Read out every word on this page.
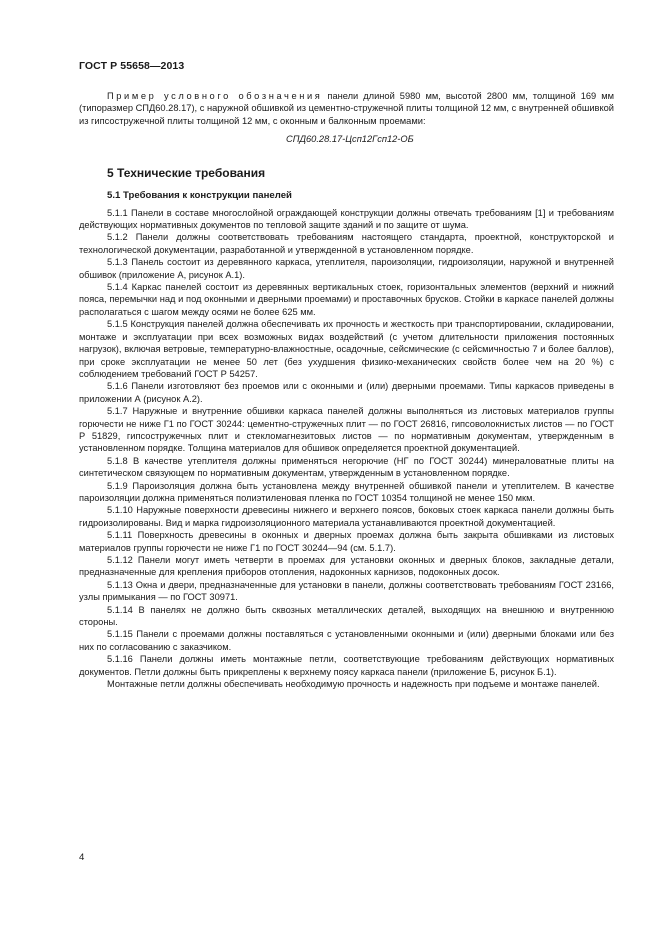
ГОСТ Р 55658—2013

Пример условного обозначения панели длиной 5980 мм, высотой 2800 мм, толщиной 169 мм (типоразмер СПД60.28.17), с наружной обшивкой из цементно-стружечной плиты толщиной 12 мм, с внутренней обшивкой из гипсостружечной плиты толщиной 12 мм, с оконным и балконным проемами:

СПД60.28.17-Цсп12Гсп12-ОБ
5 Технические требования
5.1 Требования к конструкции панелей

5.1.1 Панели в составе многослойной ограждающей конструкции должны отвечать требованиям [1] и требованиям действующих нормативных документов по тепловой защите зданий и по защите от шума.

5.1.2 Панели должны соответствовать требованиям настоящего стандарта, проектной, конструкторской и технологической документации, разработанной и утвержденной в установленном порядке.

5.1.3 Панель состоит из деревянного каркаса, утеплителя, пароизоляции, гидроизоляции, наружной и внутренней обшивок (приложение А, рисунок А.1).

5.1.4 Каркас панелей состоит из деревянных вертикальных стоек, горизонтальных элементов (верхний и нижний пояса, перемычки над и под оконными и дверными проемами) и проставочных брусков. Стойки в каркасе панелей должны располагаться с шагом между осями не более 625 мм.

5.1.5 Конструкция панелей должна обеспечивать их прочность и жесткость при транспортировании, складировании, монтаже и эксплуатации при всех возможных видах воздействий (с учетом длительности приложения постоянных нагрузок), включая ветровые, температурно-влажностные, осадочные, сейсмические (с сейсмичностью 7 и более баллов), при сроке эксплуатации не менее 50 лет (без ухудшения физико-механических свойств более чем на 20 %) с соблюдением требований ГОСТ Р 54257.

5.1.6 Панели изготовляют без проемов или с оконными и (или) дверными проемами. Типы каркасов приведены в приложении А (рисунок А.2).

5.1.7 Наружные и внутренние обшивки каркаса панелей должны выполняться из листовых материалов группы горючести не ниже Г1 по ГОСТ 30244: цементно-стружечных плит — по ГОСТ 26816, гипсоволокнистых листов — по ГОСТ Р 51829, гипсостружечных плит и стекломагнезитовых листов — по нормативным документам, утвержденным в установленном порядке. Толщина материалов для обшивок определяется проектной документацией.

5.1.8 В качестве утеплителя должны применяться негорючие (НГ по ГОСТ 30244) минераловатные плиты на синтетическом связующем по нормативным документам, утвержденным в установленном порядке.

5.1.9 Пароизоляция должна быть установлена между внутренней обшивкой панели и утеплителем. В качестве пароизоляции должна применяться полиэтиленовая пленка по ГОСТ 10354 толщиной не менее 150 мкм.

5.1.10 Наружные поверхности древесины нижнего и верхнего поясов, боковых стоек каркаса панели должны быть гидроизолированы. Вид и марка гидроизоляционного материала устанавливаются проектной документацией.

5.1.11 Поверхность древесины в оконных и дверных проемах должна быть закрыта обшивками из листовых материалов группы горючести не ниже Г1 по ГОСТ 30244—94 (см. 5.1.7).

5.1.12 Панели могут иметь четверти в проемах для установки оконных и дверных блоков, закладные детали, предназначенные для крепления приборов отопления, надоконных карнизов, подоконных досок.

5.1.13 Окна и двери, предназначенные для установки в панели, должны соответствовать требованиям ГОСТ 23166, узлы примыкания — по ГОСТ 30971.

5.1.14 В панелях не должно быть сквозных металлических деталей, выходящих на внешнюю и внутреннюю стороны.

5.1.15 Панели с проемами должны поставляться с установленными оконными и (или) дверными блоками или без них по согласованию с заказчиком.

5.1.16 Панели должны иметь монтажные петли, соответствующие требованиям действующих нормативных документов. Петли должны быть прикреплены к верхнему поясу каркаса панели (приложение Б, рисунок Б.1).

Монтажные петли должны обеспечивать необходимую прочность и надежность при подъеме и монтаже панелей.

4
